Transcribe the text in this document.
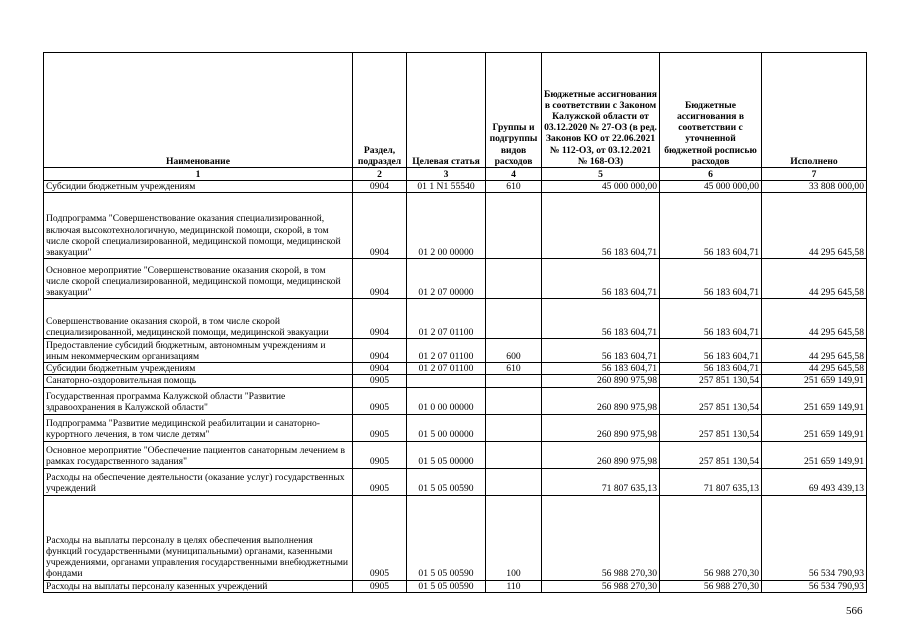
Наименование	Раздел, подраздел	Целевая статья	Группы и подгруппы видов расходов	Бюджетные ассигнования в соответствии с Законом Калужской области от 03.12.2020 № 27-ОЗ (в ред. Законов КО от 22.06.2021 № 112-ОЗ, от 03.12.2021 № 168-ОЗ)	Бюджетные ассигнования в соответствии с уточненной бюджетной росписью расходов	Исполнено
1	2	3	4	5	6	7
Субсидии бюджетным учреждениям	0904	01 1 N1 55540	610	45 000 000,00	45 000 000,00	33 808 000,00
Подпрограмма "Совершенствование оказания специализированной, включая высокотехнологичную, медицинской помощи, скорой, в том числе скорой специализированной, медицинской помощи, медицинской эвакуации"	0904	01 2 00 00000		56 183 604,71	56 183 604,71	44 295 645,58
Основное мероприятие "Совершенствование оказания скорой, в том числе скорой специализированной, медицинской помощи, медицинской эвакуации"	0904	01 2 07 00000		56 183 604,71	56 183 604,71	44 295 645,58
Совершенствование оказания скорой, в том числе скорой специализированной, медицинской помощи, медицинской эвакуации	0904	01 2 07 01100		56 183 604,71	56 183 604,71	44 295 645,58
Предоставление субсидий бюджетным, автономным учреждениям и иным некоммерческим организациям	0904	01 2 07 01100	600	56 183 604,71	56 183 604,71	44 295 645,58
Субсидии бюджетным учреждениям	0904	01 2 07 01100	610	56 183 604,71	56 183 604,71	44 295 645,58
Санаторно-оздоровительная помощь	0905			260 890 975,98	257 851 130,54	251 659 149,91
Государственная программа Калужской области "Развитие здравоохранения в Калужской области"	0905	01 0 00 00000		260 890 975,98	257 851 130,54	251 659 149,91
Подпрограмма "Развитие медицинской реабилитации и санаторно-курортного лечения, в том числе детям"	0905	01 5 00 00000		260 890 975,98	257 851 130,54	251 659 149,91
Основное мероприятие "Обеспечение пациентов санаторным лечением в рамках государственного задания"	0905	01 5 05 00000		260 890 975,98	257 851 130,54	251 659 149,91
Расходы на обеспечение деятельности (оказание услуг) государственных учреждений	0905	01 5 05 00590		71 807 635,13	71 807 635,13	69 493 439,13
Расходы на выплаты персоналу в целях обеспечения выполнения функций государственными (муниципальными) органами, казенными учреждениями, органами управления государственными внебюджетными фондами	0905	01 5 05 00590	100	56 988 270,30	56 988 270,30	56 534 790,93
Расходы на выплаты персоналу казенных учреждений	0905	01 5 05 00590	110	56 988 270,30	56 988 270,30	56 534 790,93
566
